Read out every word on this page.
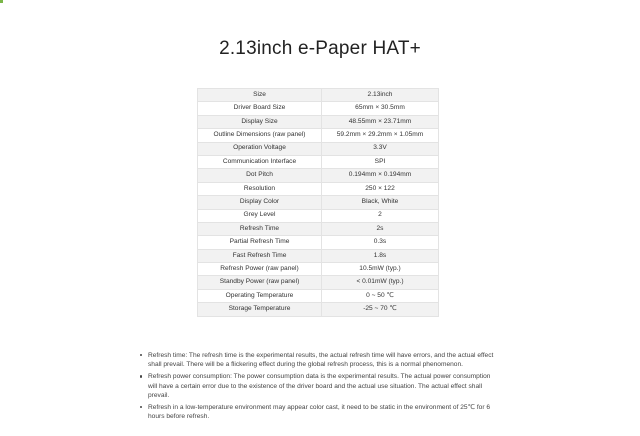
2.13inch e-Paper HAT+
Size	2.13inch
Driver Board Size	65mm × 30.5mm
Display Size	48.55mm × 23.71mm
Outline Dimensions (raw panel)	59.2mm × 29.2mm × 1.05mm
Operation Voltage	3.3V
Communication Interface	SPI
Dot Pitch	0.194mm × 0.194mm
Resolution	250 × 122
Display Color	Black, White
Grey Level	2
Refresh Time	2s
Partial Refresh Time	0.3s
Fast Refresh Time	1.8s
Refresh Power (raw panel)	10.5mW (typ.)
Standby Power (raw panel)	< 0.01mW (typ.)
Operating Temperature	0 ~ 50 ℃
Storage Temperature	-25 ~ 70 ℃
Refresh time: The refresh time is the experimental results, the actual refresh time will have errors, and the actual effect shall prevail. There will be a flickering effect during the global refresh process, this is a normal phenomenon.
Refresh power consumption: The power consumption data is the experimental results. The actual power consumption will have a certain error due to the existence of the driver board and the actual use situation. The actual effect shall prevail.
Refresh in a low-temperature environment may appear color cast, it need to be static in the environment of 25℃ for 6 hours before refresh.
